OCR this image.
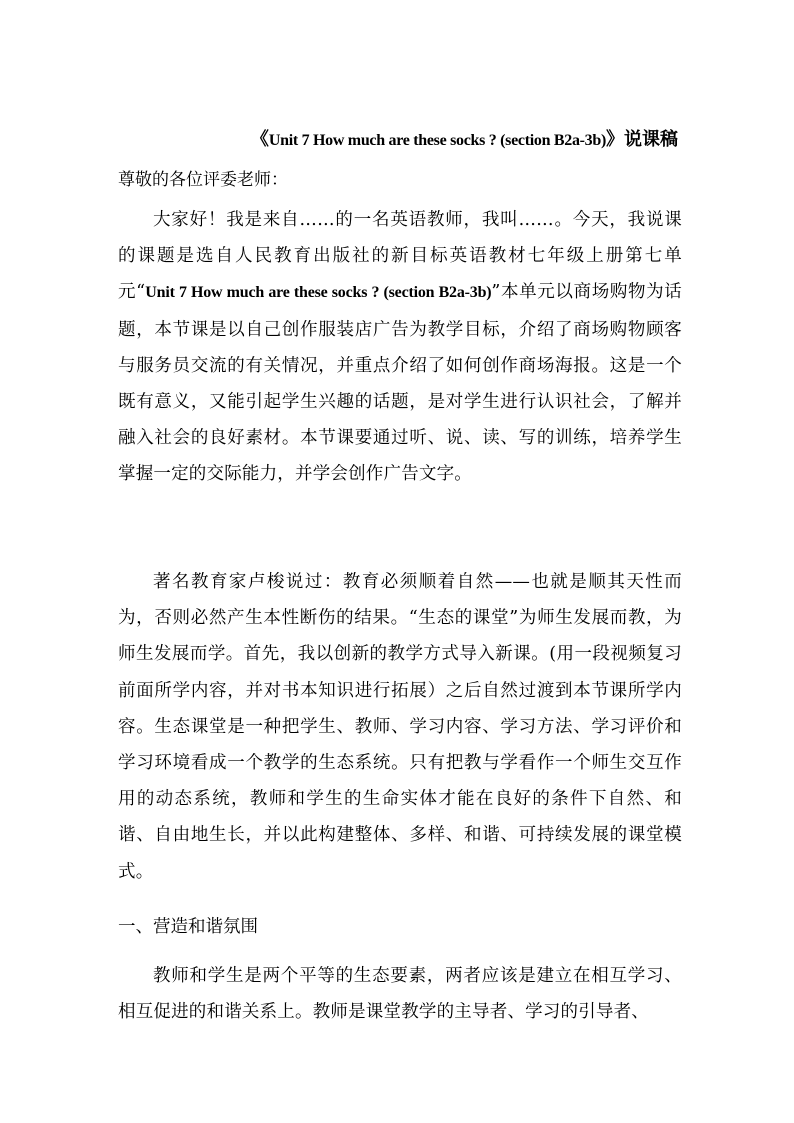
《Unit 7 How much are these socks ? (section B2a-3b)》说课稿
尊敬的各位评委老师：
大家好！我是来自……的一名英语教师，我叫……。今天，我说课的课题是选自人民教育出版社的新目标英语教材七年级上册第七单元“Unit 7 How much are these socks ? (section B2a-3b)”本单元以商场购物为话题，本节课是以自己创作服装店广告为教学目标，介绍了商场购物顾客与服务员交流的有关情况，并重点介绍了如何创作商场海报。这是一个既有意义，又能引起学生兴趣的话题，是对学生进行认识社会，了解并融入社会的良好素材。本节课要通过听、说、读、写的训练，培养学生掌握一定的交际能力，并学会创作广告文字。
著名教育家卢梭说过：教育必须顺着自然——也就是顺其天性而为，否则必然产生本性断伤的结果。“生态的课堂”为师生发展而教，为师生发展而学。首先，我以创新的教学方式导入新课。(用一段视频复习前面所学内容，并对书本知识进行拓展）之后自然过渡到本节课所学内容。生态课堂是一种把学生、教师、学习内容、学习方法、学习评价和学习环境看成一个教学的生态系统。只有把教与学看作一个师生交互作用的动态系统，教师和学生的生命实体才能在良好的条件下自然、和谐、自由地生长，并以此构建整体、多样、和谐、可持续发展的课堂模式。
一、营造和谐氛围
教师和学生是两个平等的生态要素，两者应该是建立在相互学习、相互促进的和谐关系上。教师是课堂教学的主导者、学习的引导者、
